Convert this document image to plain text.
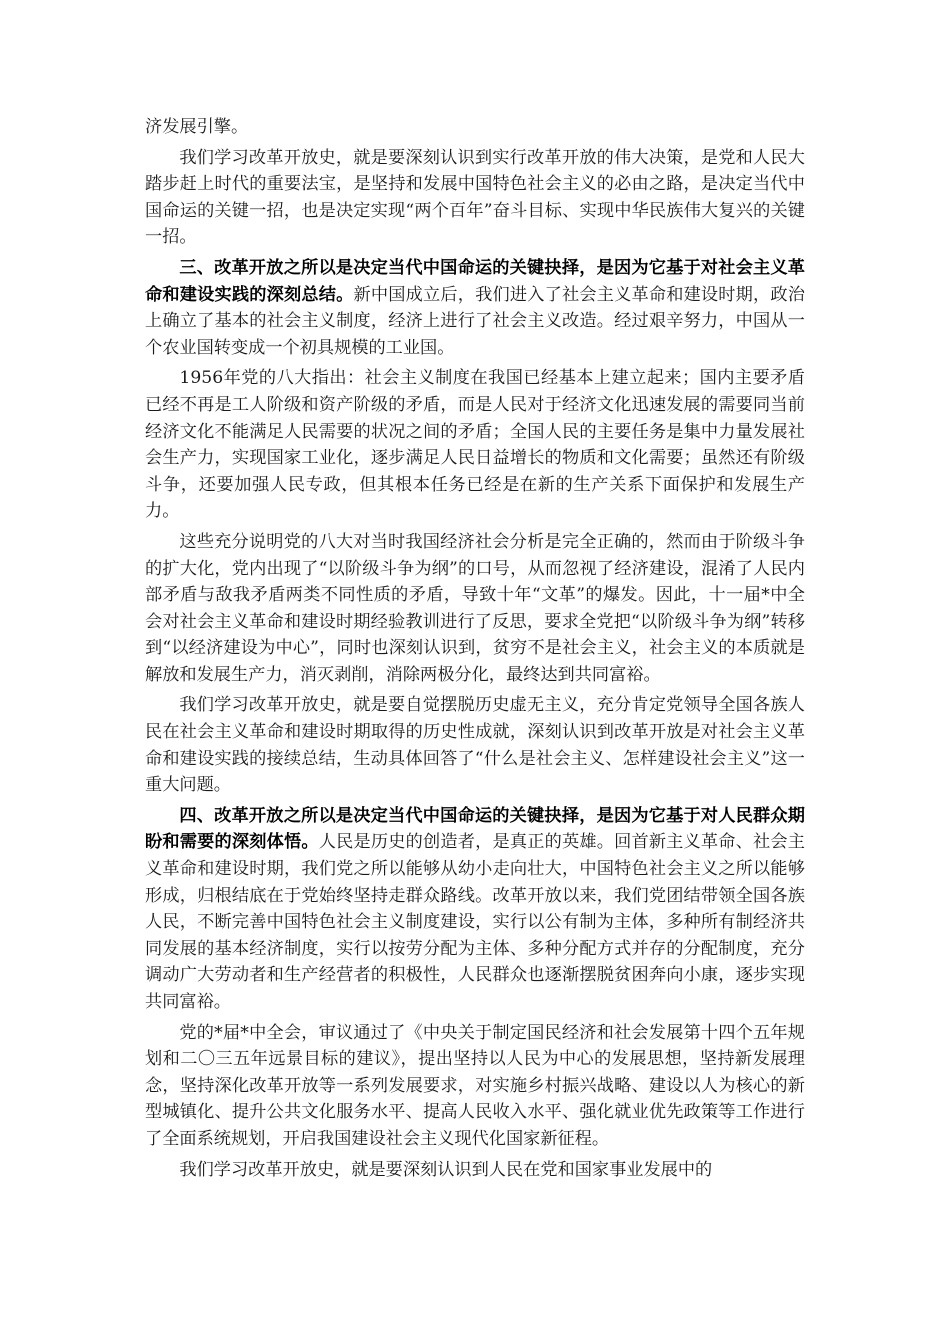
济发展引擎。

我们学习改革开放史，就是要深刻认识到实行改革开放的伟大决策，是党和人民大踏步赶上时代的重要法宝，是坚持和发展中国特色社会主义的必由之路，是决定当代中国命运的关键一招，也是决定实现“两个百年”奋斗目标、实现中华民族伟大复兴的关键一招。

三、改革开放之所以是决定当代中国命运的关键抉择，是因为它基于对社会主义革命和建设实践的深刻总结。新中国成立后，我们进入了社会主义革命和建设时期，政治上确立了基本的社会主义制度，经济上进行了社会主义改造。经过艰辛努力，中国从一个农业国转变成一个初具规模的工业国。

1956年党的八大指出：社会主义制度在我国已经基本上建立起来；国内主要矛盾已经不再是工人阶级和资产阶级的矛盾，而是人民对于经济文化迅速发展的需要同当前经济文化不能满足人民需要的状况之间的矛盾；全国人民的主要任务是集中力量发展社会生产力，实现国家工业化，逐步满足人民日益增长的物质和文化需要；虽然还有阶级斗争，还要加强人民专政，但其根本任务已经是在新的生产关系下面保护和发展生产力。

这些充分说明党的八大对当时我国经济社会分析是完全正确的，然而由于阶级斗争的扩大化，党内出现了“以阶级斗争为纲”的口号，从而忽视了经济建设，混淆了人民内部矛盾与敌我矛盾两类不同性质的矛盾，导致十年“文革”的爆发。因此，十一届*中全会对社会主义革命和建设时期经验教训进行了反思，要求全党把“以阶级斗争为纲”转移到“以经济建设为中心”，同时也深刻认识到，贫穷不是社会主义，社会主义的本质就是解放和发展生产力，消灭剥削，消除两极分化，最终达到共同富裕。

我们学习改革开放史，就是要自觉摆脱历史虚无主义，充分肯定党领导全国各族人民在社会主义革命和建设时期取得的历史性成就，深刻认识到改革开放是对社会主义革命和建设实践的接续总结，生动具体回答了“什么是社会主义、怎样建设社会主义”这一重大问题。

四、改革开放之所以是决定当代中国命运的关键抉择，是因为它基于对人民群众期盼和需要的深刻体悟。人民是历史的创造者，是真正的英雄。回首新主义革命、社会主义革命和建设时期，我们党之所以能够从幼小走向壮大，中国特色社会主义之所以能够形成，归根结底在于党始终坚持走群众路线。改革开放以来，我们党团结带领全国各族人民，不断完善中国特色社会主义制度建设，实行以公有制为主体，多种所有制经济共同发展的基本经济制度，实行以按劳分配为主体、多种分配方式并存的分配制度，充分调动广大劳动者和生产经营者的积极性，人民群众也逐渐摆脱贫困奔向小康，逐步实现共同富裕。

党的*届*中全会，审议通过了《中央关于制定国民经济和社会发展第十四个五年规划和二〇三五年远景目标的建议》，提出坚持以人民为中心的发展思想，坚持新发展理念，坚持深化改革开放等一系列发展要求，对实施乡村振兴战略、建设以人为核心的新型城镇化、提升公共文化服务水平、提高人民收入水平、强化就业优先政策等工作进行了全面系统规划，开启我国建设社会主义现代化国家新征程。

我们学习改革开放史，就是要深刻认识到人民在党和国家事业发展中的
